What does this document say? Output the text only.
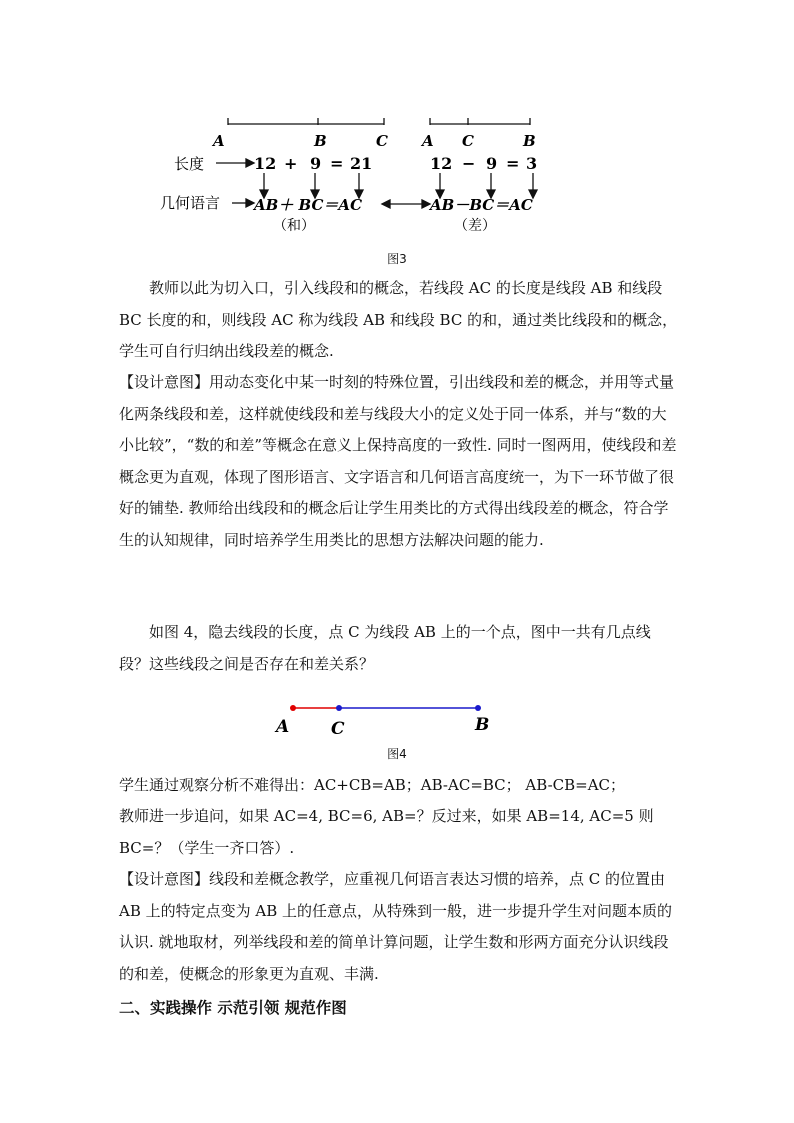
A	B	C A C	B
长度	12 + 9 = 21	12 − 9 = 3
几何语言 AB＋ BC＝AC	AB－BC＝AC
（和）	（差）
图3
教师以此为切入口，引入线段和的概念，若线段 AC 的长度是线段 AB 和线段 BC 长度的和，则线段 AC 称为线段 AB 和线段 BC 的和，通过类比线段和的概念，学生可自行归纳出线段差的概念.
【设计意图】用动态变化中某一时刻的特殊位置，引出线段和差的概念，并用等式量化两条线段和差，这样就使线段和差与线段大小的定义处于同一体系，并与“数的大小比较”，“数的和差”等概念在意义上保持高度的一致性. 同时一图两用，使线段和差概念更为直观，体现了图形语言、文字语言和几何语言高度统一，为下一环节做了很好的铺垫. 教师给出线段和的概念后让学生用类比的方式得出线段差的概念，符合学生的认知规律，同时培养学生用类比的思想方法解决问题的能力.
如图 4，隐去线段的长度，点 C 为线段 AB 上的一个点，图中一共有几点线段？这些线段之间是否存在和差关系？
A C	B
图4
学生通过观察分析不难得出：AC+CB=AB；AB-AC=BC； AB-CB=AC；
教师进一步追问，如果 AC=4, BC=6, AB=？反过来，如果 AB=14, AC=5 则 BC=？（学生一齐口答）.
【设计意图】线段和差概念教学，应重视几何语言表达习惯的培养，点 C 的位置由 AB 上的特定点变为 AB 上的任意点，从特殊到一般，进一步提升学生对问题本质的认识. 就地取材，列举线段和差的简单计算问题，让学生数和形两方面充分认识线段的和差，使概念的形象更为直观、丰满.
二、实践操作 示范引领 规范作图
